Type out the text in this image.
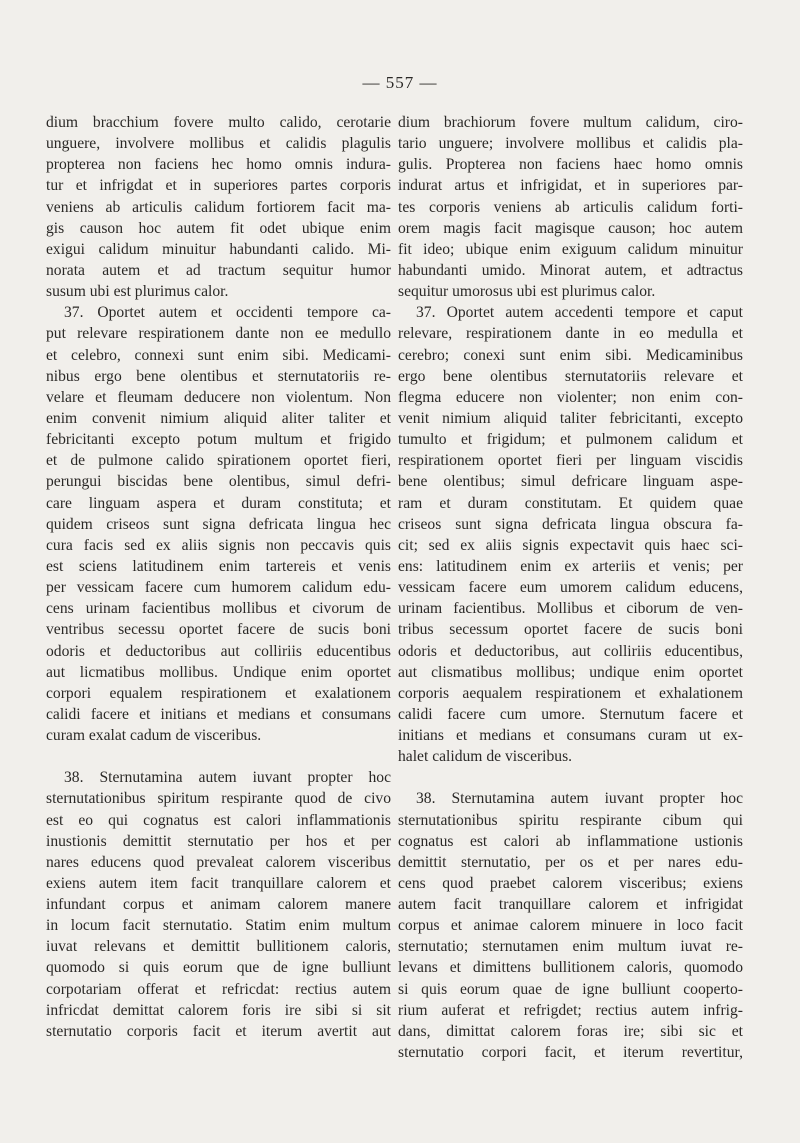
— 557 —
dium bracchium fovere multo calido, cerotarie
unguere, involvere mollibus et calidis plagulis
propterea non faciens hec homo omnis indura-
tur et infrigdat et in superiores partes corporis
veniens ab articulis calidum fortiorem facit ma-
gis causon hoc autem fit odet ubique enim
exigui calidum minuitur habundanti calido. Mi-
norata autem et ad tractum sequitur humor
susum ubi est plurimus calor.
37. Oportet autem et occidenti tempore ca-
put relevare respirationem dante non ee medullo
et celebro, connexi sunt enim sibi. Medicami-
nibus ergo bene olentibus et sternutatoriis re-
velare et fleumam deducere non violentum. Non
enim convenit nimium aliquid aliter taliter et
febricitanti excepto potum multum et frigido
et de pulmone calido spirationem oportet fieri,
perungui biscidas bene olentibus, simul defri-
care linguam aspera et duram constituta; et
quidem criseos sunt signa defricata lingua hec
cura facis sed ex aliis signis non peccavis quis
est sciens latitudinem enim tartereis et venis
per vessicam facere cum humorem calidum edu-
cens urinam facientibus mollibus et civorum de
ventribus secessu oportet facere de sucis boni
odoris et deductoribus aut colliriis educentibus
aut licmatibus mollibus. Undique enim oportet
corpori equalem respirationem et exalationem
calidi facere et initians et medians et consumans
curam exalat cadum de visceribus.
38. Sternutamina autem iuvant propter hoc
sternutationibus spiritum respirante quod de civo
est eo qui cognatus est calori inflammationis
inustionis demittit sternutatio per hos et per
nares educens quod prevaleat calorem visceribus
exiens autem item facit tranquillare calorem et
infundant corpus et animam calorem manere
in locum facit sternutatio. Statim enim multum
iuvat relevans et demittit bullitionem caloris,
quomodo si quis eorum que de igne bulliunt
corpotariam offerat et refricdat: rectius autem
infricdat demittat calorem foris ire sibi si sit
sternutatio corporis facit et iterum avertit aut
dium brachiorum fovere multum calidum, ciro-
tario unguere; involvere mollibus et calidis pla-
gulis. Propterea non faciens haec homo omnis
indurat artus et infrigidat, et in superiores par-
tes corporis veniens ab articulis calidum forti-
orem magis facit magisque causon; hoc autem
fit ideo; ubique enim exiguum calidum minuitur
habundanti umido. Minorat autem, et adtractus
sequitur umorosus ubi est plurimus calor.
37. Oportet autem accedenti tempore et caput
relevare, respirationem dante in eo medulla et
cerebro; conexi sunt enim sibi. Medicaminibus
ergo bene olentibus sternutatoriis relevare et
flegma educere non violenter; non enim con-
venit nimium aliquid taliter febricitanti, excepto
tumulto et frigidum; et pulmonem calidum et
respirationem oportet fieri per linguam viscidis
bene olentibus; simul defricare linguam aspe-
ram et duram constitutam. Et quidem quae
criseos sunt signa defricata lingua obscura fa-
cit; sed ex aliis signis expectavit quis haec sci-
ens: latitudinem enim ex arteriis et venis; per
vessicam facere eum umorem calidum educens,
urinam facientibus. Mollibus et ciborum de ven-
tribus secessum oportet facere de sucis boni
odoris et deductoribus, aut colliriis educentibus,
aut clismatibus mollibus; undique enim oportet
corporis aequalem respirationem et exhalationem
calidi facere cum umore. Sternutum facere et
initians et medians et consumans curam ut ex-
halet calidum de visceribus.
38. Sternutamina autem iuvant propter hoc
sternutationibus spiritu respirante cibum qui
cognatus est calori ab inflammatione ustionis
demittit sternutatio, per os et per nares edu-
cens quod praebet calorem visceribus; exiens
autem facit tranquillare calorem et infrigidat
corpus et animae calorem minuere in loco facit
sternutatio; sternutamen enim multum iuvat re-
levans et dimittens bullitionem caloris, quomodo
si quis eorum quae de igne bulliunt cooperto-
rium auferat et refrigdet; rectius autem infrig-
dans, dimittat calorem foras ire; sibi sic et
sternutatio corpori facit, et iterum revertitur,
